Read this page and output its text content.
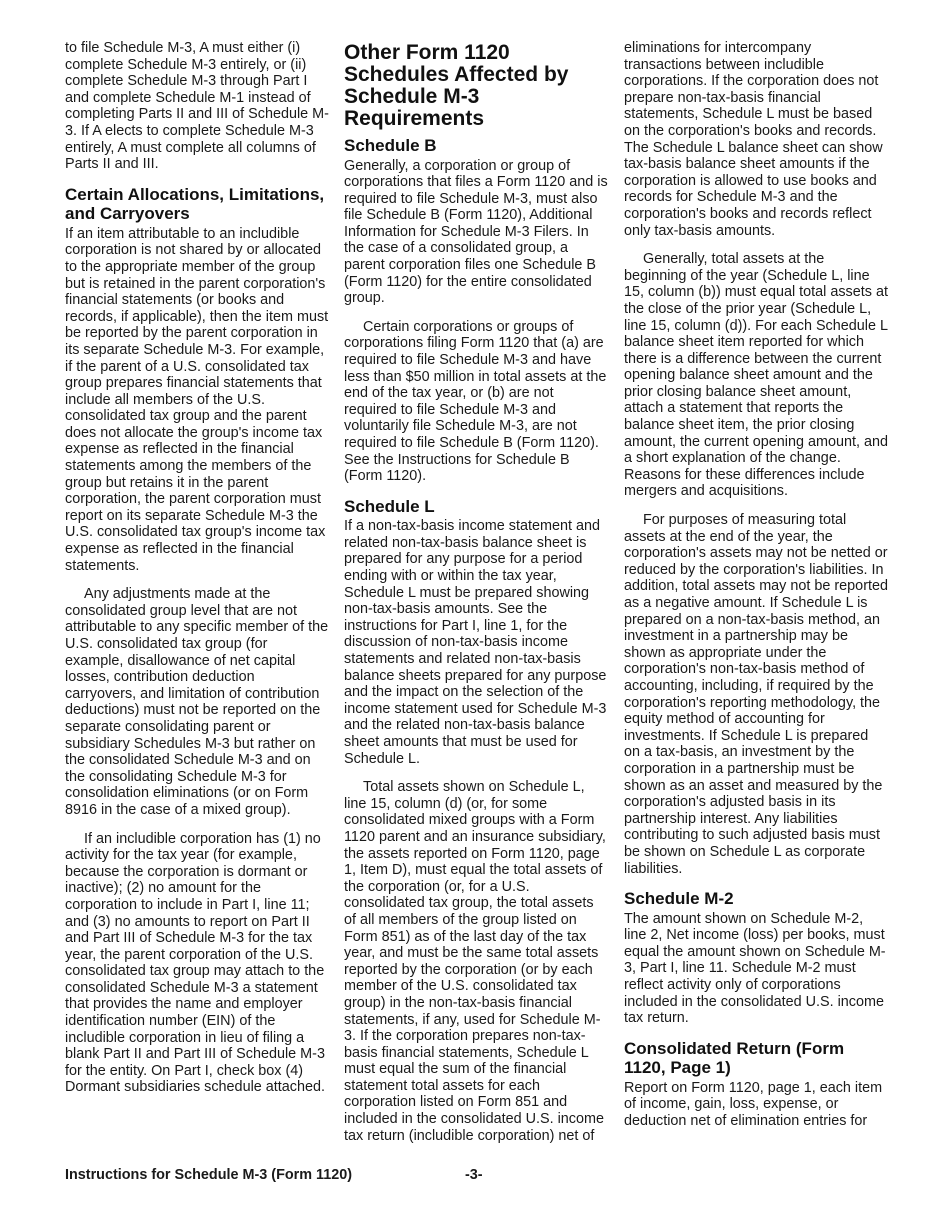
to file Schedule M-3, A must either (i) complete Schedule M-3 entirely, or (ii) complete Schedule M-3 through Part I and complete Schedule M-1 instead of completing Parts II and III of Schedule M-3. If A elects to complete Schedule M-3 entirely, A must complete all columns of Parts II and III.

Certain Allocations, Limitations, and Carryovers

If an item attributable to an includible corporation is not shared by or allocated to the appropriate member of the group but is retained in the parent corporation's financial statements (or books and records, if applicable), then the item must be reported by the parent corporation in its separate Schedule M-3. For example, if the parent of a U.S. consolidated tax group prepares financial statements that include all members of the U.S. consolidated tax group and the parent does not allocate the group's income tax expense as reflected in the financial statements among the members of the group but retains it in the parent corporation, the parent corporation must report on its separate Schedule M-3 the U.S. consolidated tax group's income tax expense as reflected in the financial statements.

Any adjustments made at the consolidated group level that are not attributable to any specific member of the U.S. consolidated tax group (for example, disallowance of net capital losses, contribution deduction carryovers, and limitation of contribution deductions) must not be reported on the separate consolidating parent or subsidiary Schedules M-3 but rather on the consolidated Schedule M-3 and on the consolidating Schedule M-3 for consolidation eliminations (or on Form 8916 in the case of a mixed group).

If an includible corporation has (1) no activity for the tax year (for example, because the corporation is dormant or inactive); (2) no amount for the corporation to include in Part I, line 11; and (3) no amounts to report on Part II and Part III of Schedule M-3 for the tax year, the parent corporation of the U.S. consolidated tax group may attach to the consolidated Schedule M-3 a statement that provides the name and employer identification number (EIN) of the includible corporation in lieu of filing a blank Part II and Part III of Schedule M-3 for the entity. On Part I, check box (4) Dormant subsidiaries schedule attached.

Other Form 1120 Schedules Affected by Schedule M-3 Requirements
Schedule B

Generally, a corporation or group of corporations that files a Form 1120 and is required to file Schedule M-3, must also file Schedule B (Form 1120), Additional Information for Schedule M-3 Filers. In the case of a consolidated group, a parent corporation files one Schedule B (Form 1120) for the entire consolidated group.

Certain corporations or groups of corporations filing Form 1120 that (a) are required to file Schedule M-3 and have less than $50 million in total assets at the end of the tax year, or (b) are not required to file Schedule M-3 and voluntarily file Schedule M-3, are not required to file Schedule B (Form 1120). See the Instructions for Schedule B (Form 1120).

Schedule L

If a non-tax-basis income statement and related non-tax-basis balance sheet is prepared for any purpose for a period ending with or within the tax year, Schedule L must be prepared showing non-tax-basis amounts. See the instructions for Part I, line 1, for the discussion of non-tax-basis income statements and related non-tax-basis balance sheets prepared for any purpose and the impact on the selection of the income statement used for Schedule M-3 and the related non-tax-basis balance sheet amounts that must be used for Schedule L.

Total assets shown on Schedule L, line 15, column (d) (or, for some consolidated mixed groups with a Form 1120 parent and an insurance subsidiary, the assets reported on Form 1120, page 1, Item D), must equal the total assets of the corporation (or, for a U.S. consolidated tax group, the total assets of all members of the group listed on Form 851) as of the last day of the tax year, and must be the same total assets reported by the corporation (or by each member of the U.S. consolidated tax group) in the non-tax-basis financial statements, if any, used for Schedule M-3. If the corporation prepares non-tax-basis financial statements, Schedule L must equal the sum of the financial statement total assets for each corporation listed on Form 851 and included in the consolidated U.S. income tax return (includible corporation) net of

eliminations for intercompany transactions between includible corporations. If the corporation does not prepare non-tax-basis financial statements, Schedule L must be based on the corporation's books and records. The Schedule L balance sheet can show tax-basis balance sheet amounts if the corporation is allowed to use books and records for Schedule M-3 and the corporation's books and records reflect only tax-basis amounts.

Generally, total assets at the beginning of the year (Schedule L, line 15, column (b)) must equal total assets at the close of the prior year (Schedule L, line 15, column (d)). For each Schedule L balance sheet item reported for which there is a difference between the current opening balance sheet amount and the prior closing balance sheet amount, attach a statement that reports the balance sheet item, the prior closing amount, the current opening amount, and a short explanation of the change. Reasons for these differences include mergers and acquisitions.

For purposes of measuring total assets at the end of the year, the corporation's assets may not be netted or reduced by the corporation's liabilities. In addition, total assets may not be reported as a negative amount. If Schedule L is prepared on a non-tax-basis method, an investment in a partnership may be shown as appropriate under the corporation's non-tax-basis method of accounting, including, if required by the corporation's reporting methodology, the equity method of accounting for investments. If Schedule L is prepared on a tax-basis, an investment by the corporation in a partnership must be shown as an asset and measured by the corporation's adjusted basis in its partnership interest. Any liabilities contributing to such adjusted basis must be shown on Schedule L as corporate liabilities.

Schedule M-2

The amount shown on Schedule M-2, line 2, Net income (loss) per books, must equal the amount shown on Schedule M-3, Part I, line 11. Schedule M-2 must reflect activity only of corporations included in the consolidated U.S. income tax return.

Consolidated Return (Form 1120, Page 1)

Report on Form 1120, page 1, each item of income, gain, loss, expense, or deduction net of elimination entries for

Instructions for Schedule M-3 (Form 1120)	-3-
